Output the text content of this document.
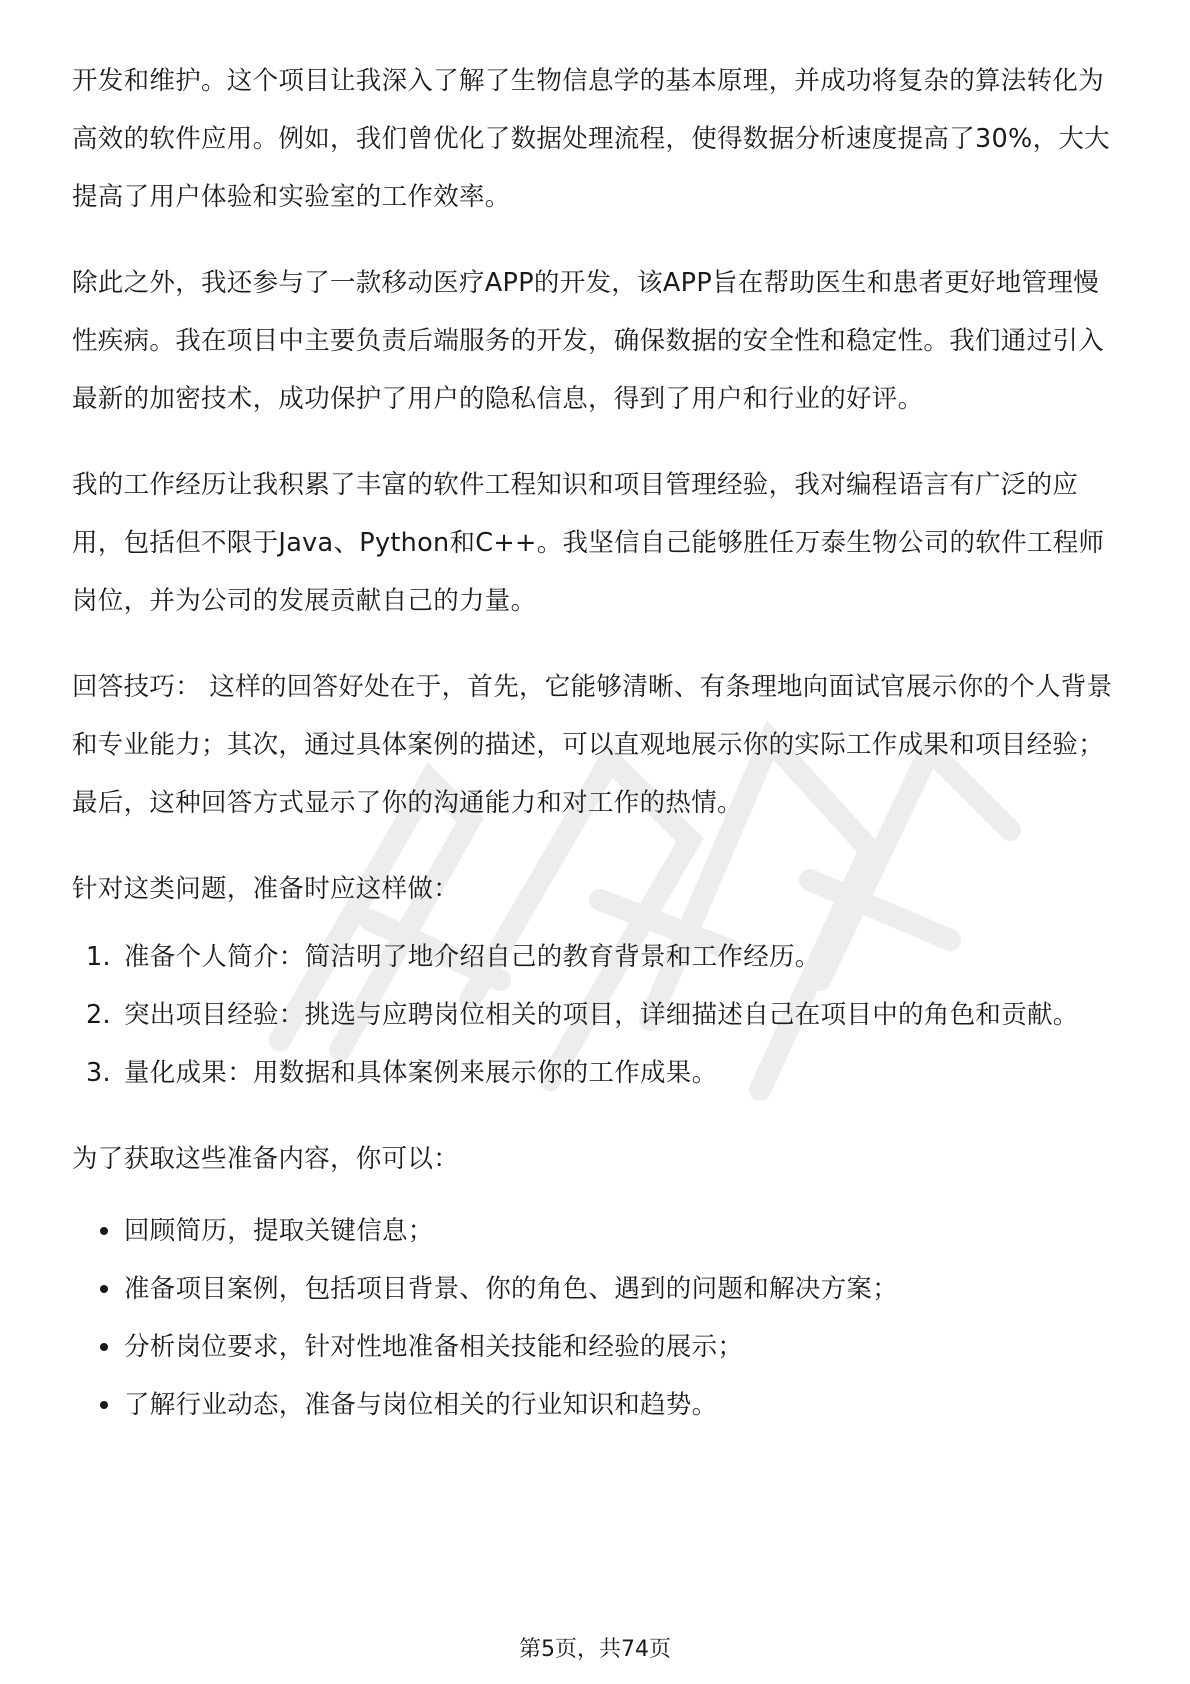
开发和维护。这个项目让我深入了解了生物信息学的基本原理，并成功将复杂的算法转化为高效的软件应用。例如，我们曾优化了数据处理流程，使得数据分析速度提高了30%，大大提高了用户体验和实验室的工作效率。

除此之外，我还参与了一款移动医疗APP的开发，该APP旨在帮助医生和患者更好地管理慢性疾病。我在项目中主要负责后端服务的开发，确保数据的安全性和稳定性。我们通过引入最新的加密技术，成功保护了用户的隐私信息，得到了用户和行业的好评。

我的工作经历让我积累了丰富的软件工程知识和项目管理经验，我对编程语言有广泛的应用，包括但不限于Java、Python和C++。我坚信自己能够胜任万泰生物公司的软件工程师岗位，并为公司的发展贡献自己的力量。

回答技巧： 这样的回答好处在于，首先，它能够清晰、有条理地向面试官展示你的个人背景和专业能力；其次，通过具体案例的描述，可以直观地展示你的实际工作成果和项目经验；最后，这种回答方式显示了你的沟通能力和对工作的热情。

针对这类问题，准备时应这样做：

1. 准备个人简介：简洁明了地介绍自己的教育背景和工作经历。
2. 突出项目经验：挑选与应聘岗位相关的项目，详细描述自己在项目中的角色和贡献。
3. 量化成果：用数据和具体案例来展示你的工作成果。

为了获取这些准备内容，你可以：

回顾简历，提取关键信息；
准备项目案例，包括项目背景、你的角色、遇到的问题和解决方案；
分析岗位要求，针对性地准备相关技能和经验的展示；
了解行业动态，准备与岗位相关的行业知识和趋势。
第5页，共74页
